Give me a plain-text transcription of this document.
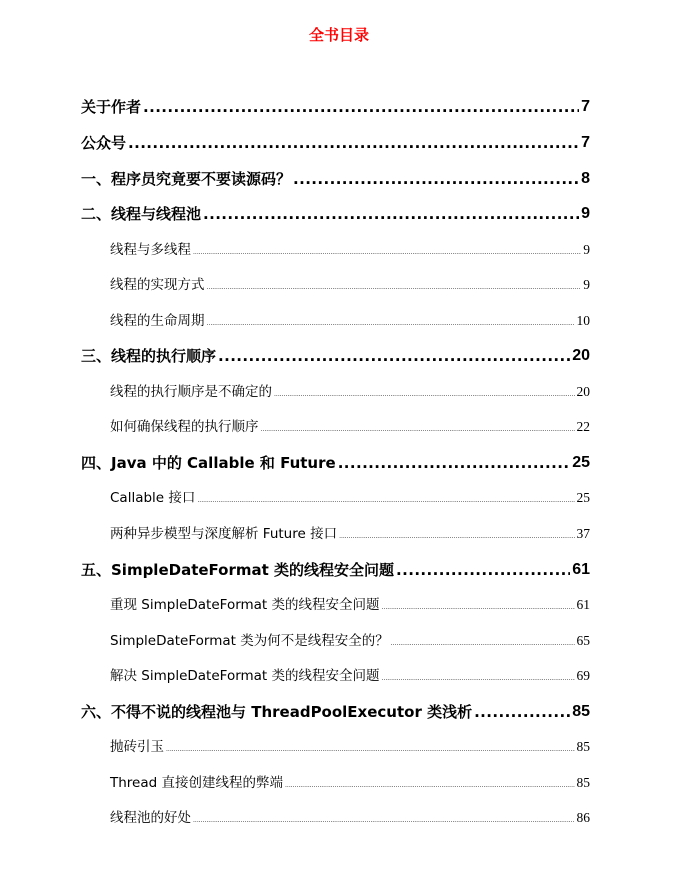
全书目录
关于作者 .....	7
公众号 .....	7
一、程序员究竟要不要读源码？ .....	8
二、线程与线程池 .....	9
线程与多线程 .....	9
线程的实现方式 .....	9
线程的生命周期 .....	10
三、线程的执行顺序 .....	20
线程的执行顺序是不确定的 .....	20
如何确保线程的执行顺序 .....	22
四、Java 中的 Callable 和 Future .....	25
Callable 接口 .....	25
两种异步模型与深度解析 Future 接口 .....	37
五、SimpleDateFormat 类的线程安全问题 .....	61
重现 SimpleDateFormat 类的线程安全问题 .....	61
SimpleDateFormat 类为何不是线程安全的？ .....	65
解决 SimpleDateFormat 类的线程安全问题 .....	69
六、不得不说的线程池与 ThreadPoolExecutor 类浅析 .....	85
抛砖引玉 .....	85
Thread 直接创建线程的弊端 .....	85
线程池的好处 .....	86
